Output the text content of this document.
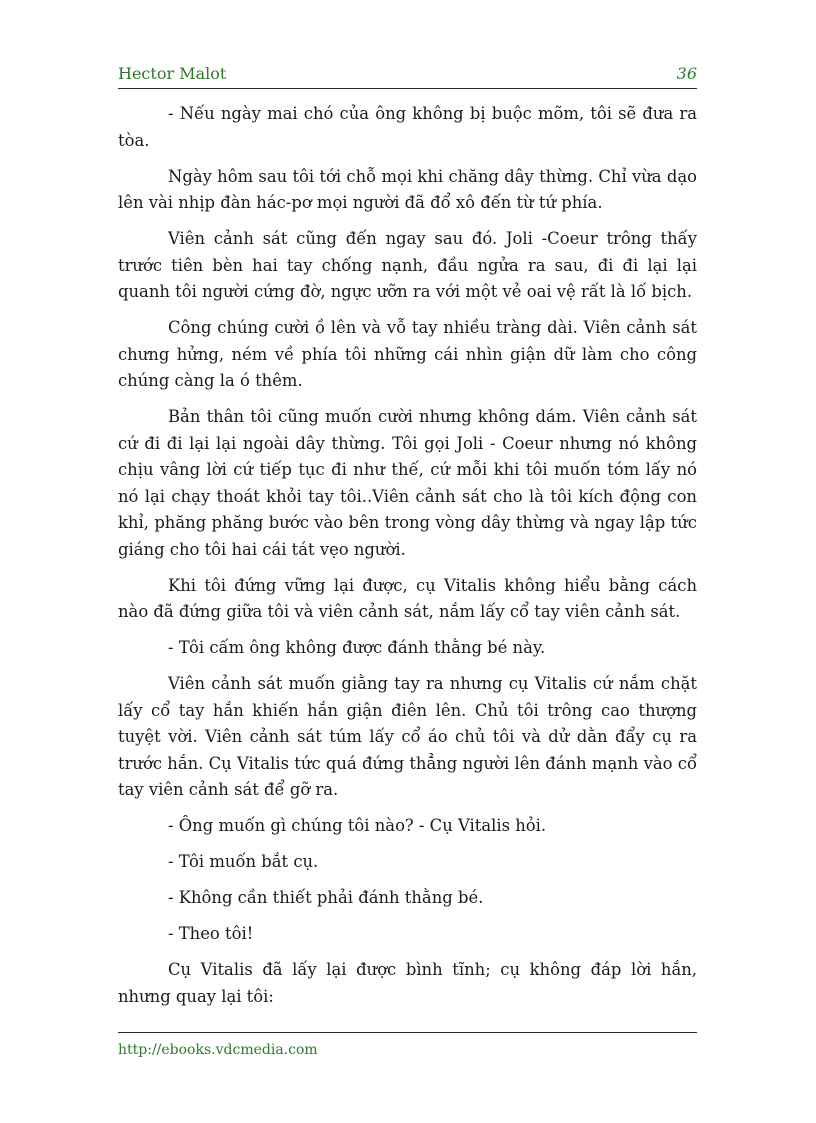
Hector Malot	36

- Nếu ngày mai chó của ông không bị buộc mõm, tôi sẽ đưa ra tòa.

Ngày hôm sau tôi tới chỗ mọi khi chăng dây thừng. Chỉ vừa dạo lên vài nhịp đàn hác-pơ mọi người đã đổ xô đến từ tứ phía.

Viên cảnh sát cũng đến ngay sau đó. Joli -Coeur trông thấy trước tiên bèn hai tay chống nạnh, đầu ngửa ra sau, đi đi lại lại quanh tôi người cứng đờ, ngực ưỡn ra với một vẻ oai vệ rất là lố bịch.

Công chúng cười ồ lên và vỗ tay nhiều tràng dài. Viên cảnh sát chưng hửng, ném về phía tôi những cái nhìn giận dữ làm cho công chúng càng la ó thêm.

Bản thân tôi cũng muốn cười nhưng không dám. Viên cảnh sát cứ đi đi lại lại ngoài dây thừng. Tôi gọi Joli - Coeur nhưng nó không chịu vâng lời cứ tiếp tục đi như thế, cứ mỗi khi tôi muốn tóm lấy nó nó lại chạy thoát khỏi tay tôi..Viên cảnh sát cho là tôi kích động con khỉ, phăng phăng bước vào bên trong vòng dây thừng và ngay lập tức giáng cho tôi hai cái tát vẹo người.

Khi tôi đứng vững lại được, cụ Vitalis không hiểu bằng cách nào đã đứng giữa tôi và viên cảnh sát, nắm lấy cổ tay viên cảnh sát.

- Tôi cấm ông không được đánh thằng bé này.

Viên cảnh sát muốn giằng tay ra nhưng cụ Vitalis cứ nắm chặt lấy cổ tay hắn khiến hắn giận điên lên. Chủ tôi trông cao thượng tuyệt vời. Viên cảnh sát túm lấy cổ áo chủ tôi và dử dằn đẩy cụ ra trước hắn. Cụ Vitalis tức quá đứng thẳng người lên đánh mạnh vào cổ tay viên cảnh sát để gỡ ra.

- Ông muốn gì chúng tôi nào? - Cụ Vitalis hỏi.

- Tôi muốn bắt cụ.

- Không cần thiết phải đánh thằng bé.

- Theo tôi!

Cụ Vitalis đã lấy lại được bình tĩnh; cụ không đáp lời hắn, nhưng quay lại tôi:

http://ebooks.vdcmedia.com
